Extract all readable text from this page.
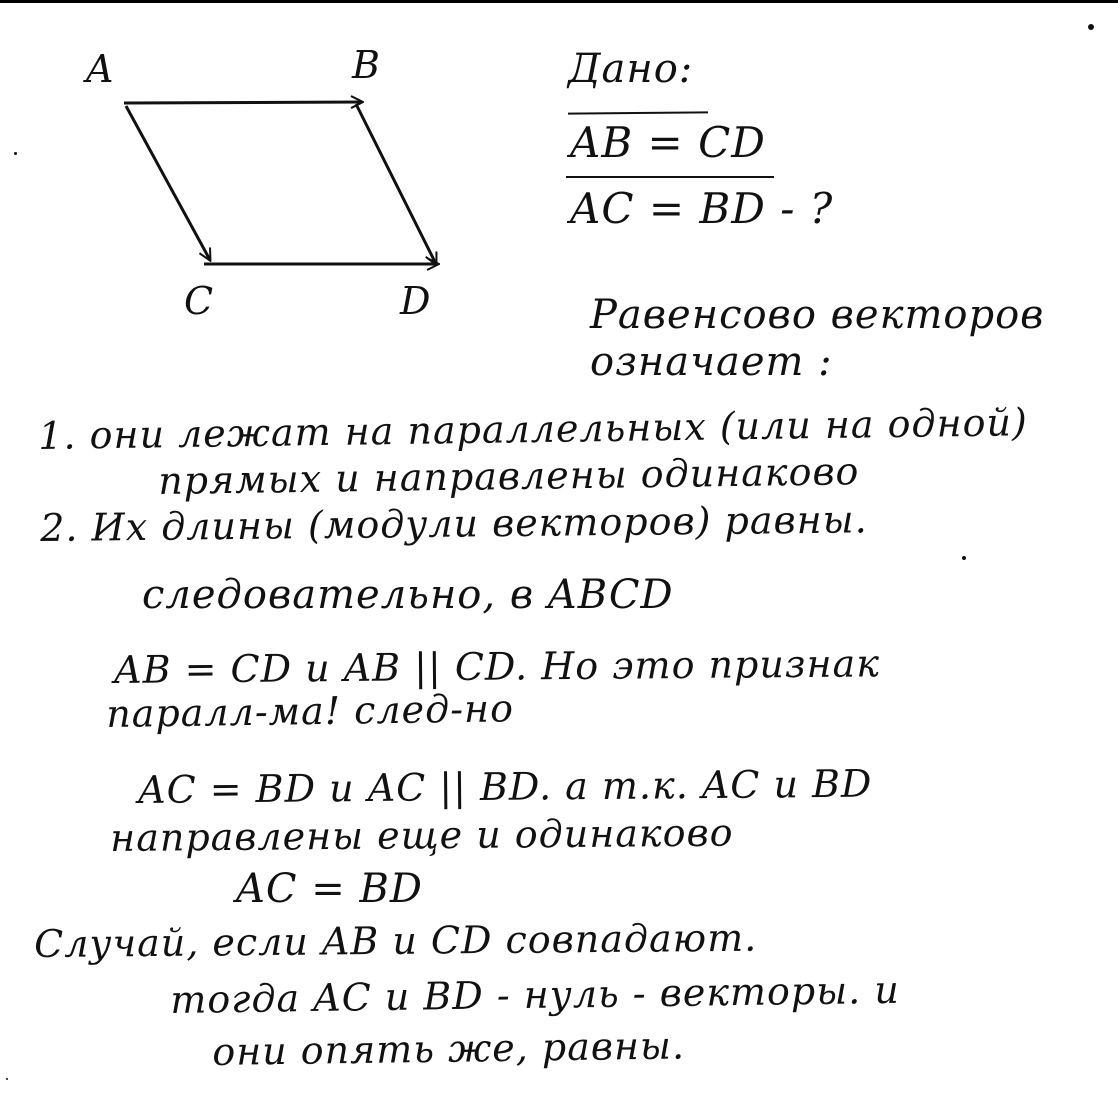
A	B
C	D
Дано:
AB = CD
AC = BD - ?
Равенсово векторов
означает :
1. они лежат на параллельных (или на одной)
прямых и направлены одинаково
2. Их длины (модули векторов) равны.
следовательно, в ABCD
AB = CD и AB || CD. Но это признак
паралл-ма! след-но
AC = BD и AC || BD. а т.к. AC и BD
направлены еще и одинаково
AC = BD
Случай, если AB и CD совпадают.
тогда AC и BD - нуль - векторы. и
они опять же, равны.
